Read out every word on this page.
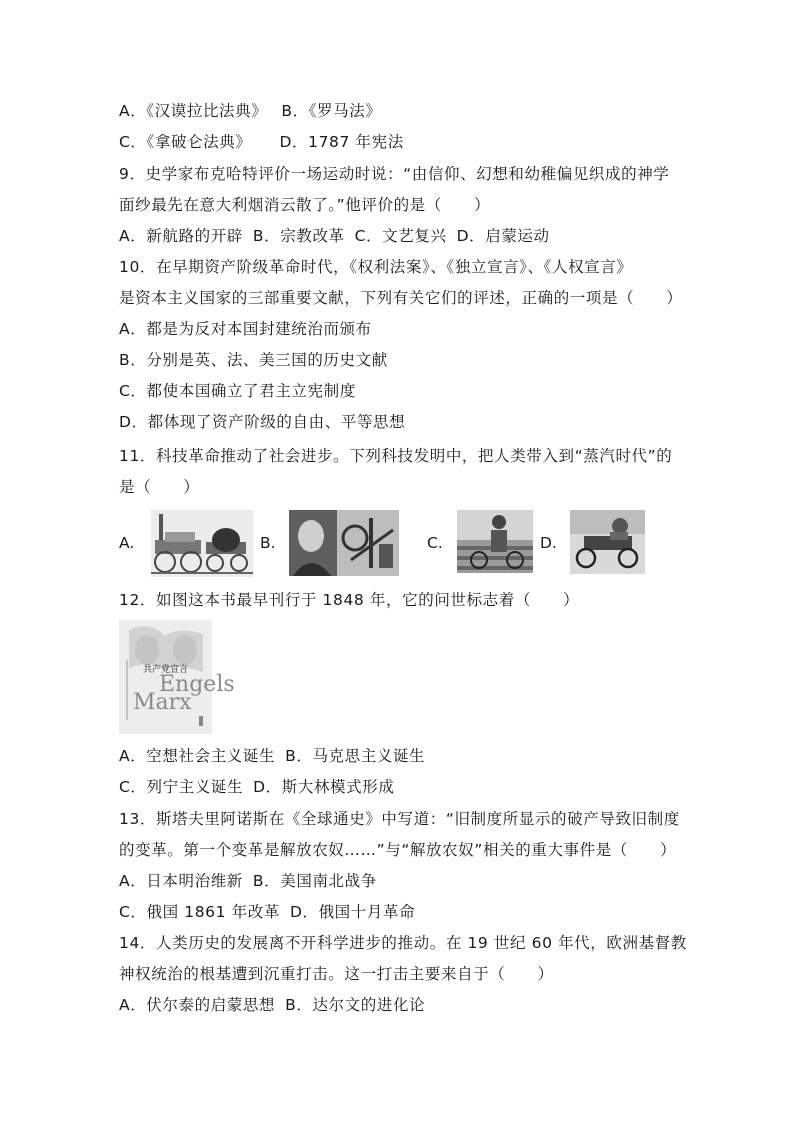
A．《汉谟拉比法典》 B．《罗马法》
C．《拿破仑法典》 D．1787 年宪法
9．史学家布克哈特评价一场运动时说：“由信仰、幻想和幼稚偏见织成的神学
面纱最先在意大利烟消云散了。”他评价的是（　　）
A．新航路的开辟 B．宗教改革 C．文艺复兴 D．启蒙运动
10．在早期资产阶级革命时代，《权利法案》、《独立宣言》、《人权宣言》
是资本主义国家的三部重要文献，下列有关它们的评述，正确的一项是（　　）
A．都是为反对本国封建统治而颁布
B．分别是英、法、美三国的历史文献
C．都使本国确立了君主立宪制度
D．都体现了资产阶级的自由、平等思想
11．科技革命推动了社会进步。下列科技发明中，把人类带入到“蒸汽时代”的
是（　　）
A.	B.	C.	D.
12．如图这本书最早刊行于 1848 年，它的问世标志着（　　）
共产党宣言
Engels
Marx
A．空想社会主义诞生 B．马克思主义诞生
C．列宁主义诞生 D．斯大林模式形成
13．斯塔夫里阿诺斯在《全球通史》中写道：“旧制度所显示的破产导致旧制度
的变革。第一个变革是解放农奴……”与“解放农奴”相关的重大事件是（　　）
A．日本明治维新 B．美国南北战争
C．俄国 1861 年改革 D．俄国十月革命
14．人类历史的发展离不开科学进步的推动。在 19 世纪 60 年代，欧洲基督教
神权统治的根基遭到沉重打击。这一打击主要来自于（　　）
A．伏尔泰的启蒙思想 B．达尔文的进化论
